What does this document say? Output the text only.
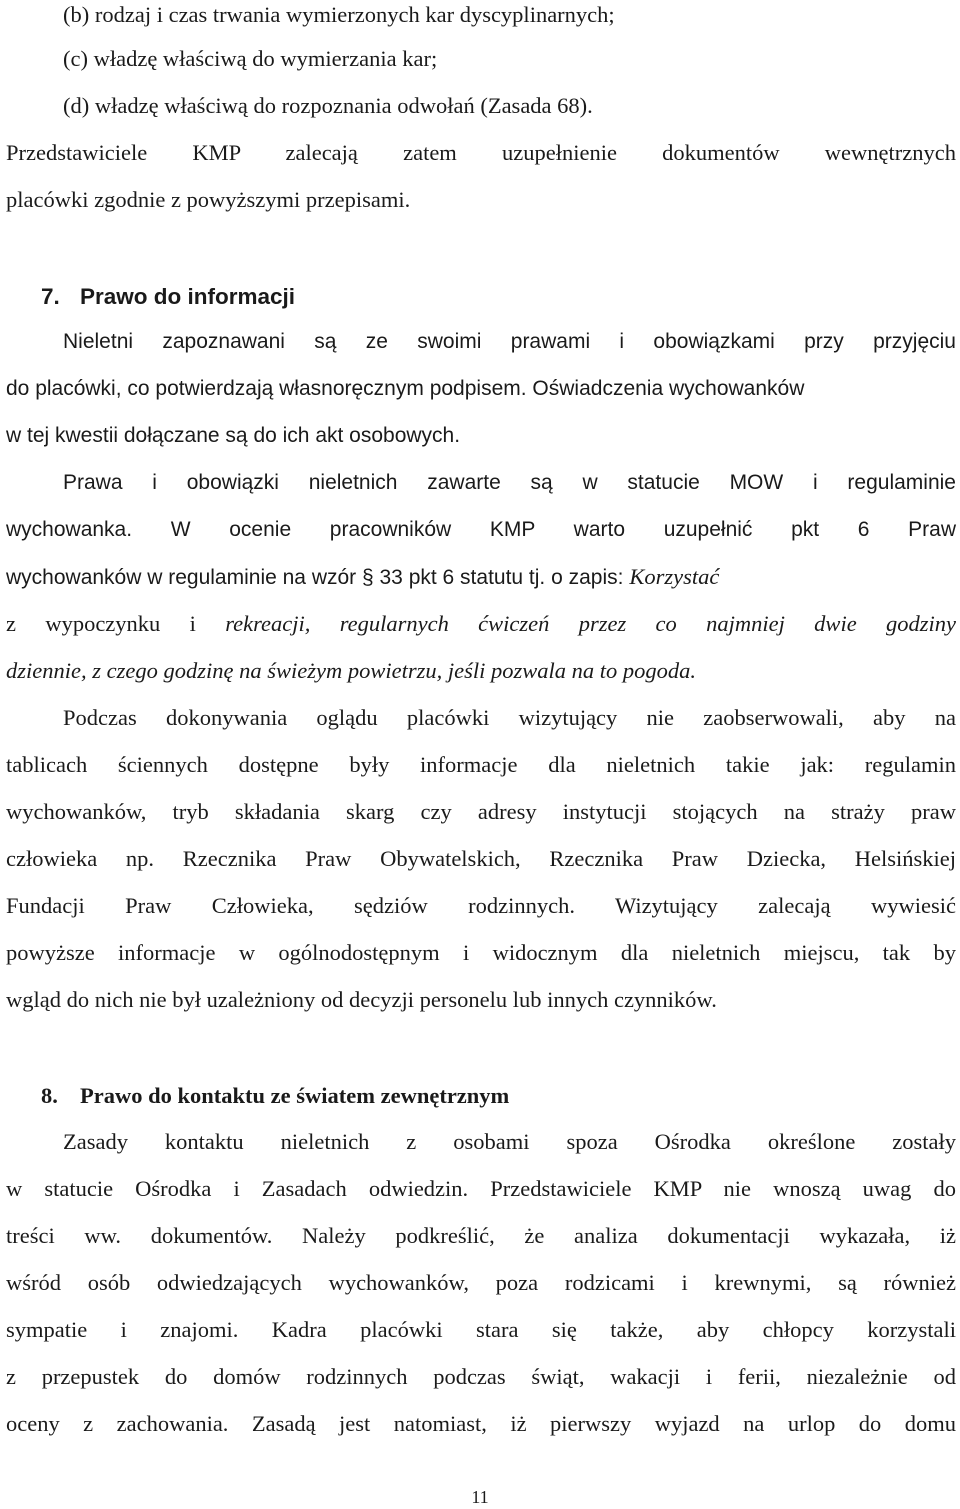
(b) rodzaj i czas trwania wymierzonych kar dyscyplinarnych;
(c) władzę właściwą do wymierzania kar;
(d) władzę właściwą do rozpoznania odwołań (Zasada 68).
Przedstawiciele KMP zalecają zatem uzupełnienie dokumentów wewnętrznych
placówki zgodnie z powyższymi przepisami.
7. Prawo do informacji
Nieletni zapoznawani są ze swoimi prawami i obowiązkami przy przyjęciu
do placówki, co potwierdzają własnoręcznym podpisem. Oświadczenia wychowanków
w tej kwestii dołączane są do ich akt osobowych.
Prawa i obowiązki nieletnich zawarte są w statucie MOW i regulaminie
wychowanka. W ocenie pracowników KMP warto uzupełnić pkt 6 Praw
wychowanków w regulaminie na wzór § 33 pkt 6 statutu tj. o zapis: Korzystać
z wypoczynku i rekreacji, regularnych ćwiczeń przez co najmniej dwie godziny
dziennie, z czego godzinę na świeżym powietrzu, jeśli pozwala na to pogoda.
Podczas dokonywania oglądu placówki wizytujący nie zaobserwowali, aby na
tablicach ściennych dostępne były informacje dla nieletnich takie jak: regulamin
wychowanków, tryb składania skarg czy adresy instytucji stojących na straży praw
człowieka np. Rzecznika Praw Obywatelskich, Rzecznika Praw Dziecka, Helsińskiej
Fundacji Praw Człowieka, sędziów rodzinnych. Wizytujący zalecają wywiesić
powyższe informacje w ogólnodostępnym i widocznym dla nieletnich miejscu, tak by
wgląd do nich nie był uzależniony od decyzji personelu lub innych czynników.
8. Prawo do kontaktu ze światem zewnętrznym
Zasady kontaktu nieletnich z osobami spoza Ośrodka określone zostały
w statucie Ośrodka i Zasadach odwiedzin. Przedstawiciele KMP nie wnoszą uwag do
treści ww. dokumentów. Należy podkreślić, że analiza dokumentacji wykazała, iż
wśród osób odwiedzających wychowanków, poza rodzicami i krewnymi, są również
sympatie i znajomi. Kadra placówki stara się także, aby chłopcy korzystali
z przepustek do domów rodzinnych podczas świąt, wakacji i ferii, niezależnie od
oceny z zachowania. Zasadą jest natomiast, iż pierwszy wyjazd na urlop do domu
11
